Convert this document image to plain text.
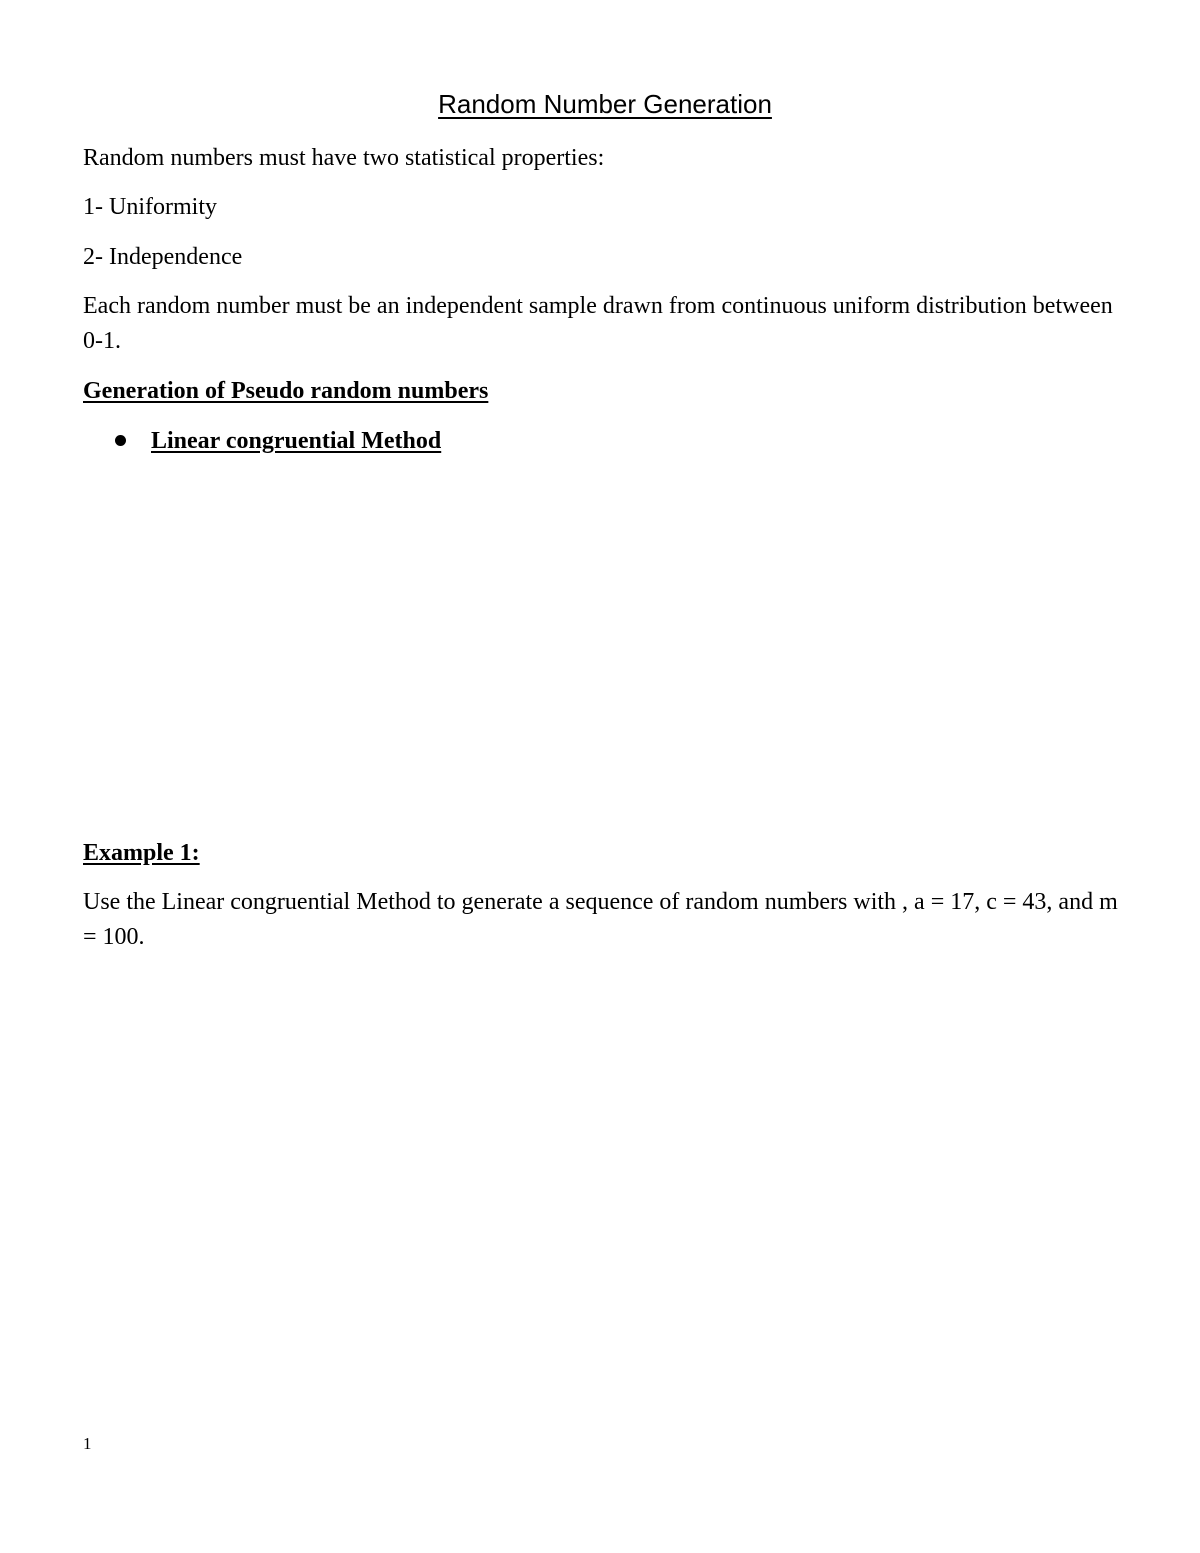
Random Number Generation

Random numbers must have two statistical properties:

1- Uniformity

2- Independence

Each random number must be an independent sample drawn from continuous uniform distribution between 0-1.

Generation of Pseudo random numbers

Linear congruential Method

Example 1:

Use the Linear congruential Method to generate a sequence of random numbers with , a = 17, c = 43, and m = 100.

1
